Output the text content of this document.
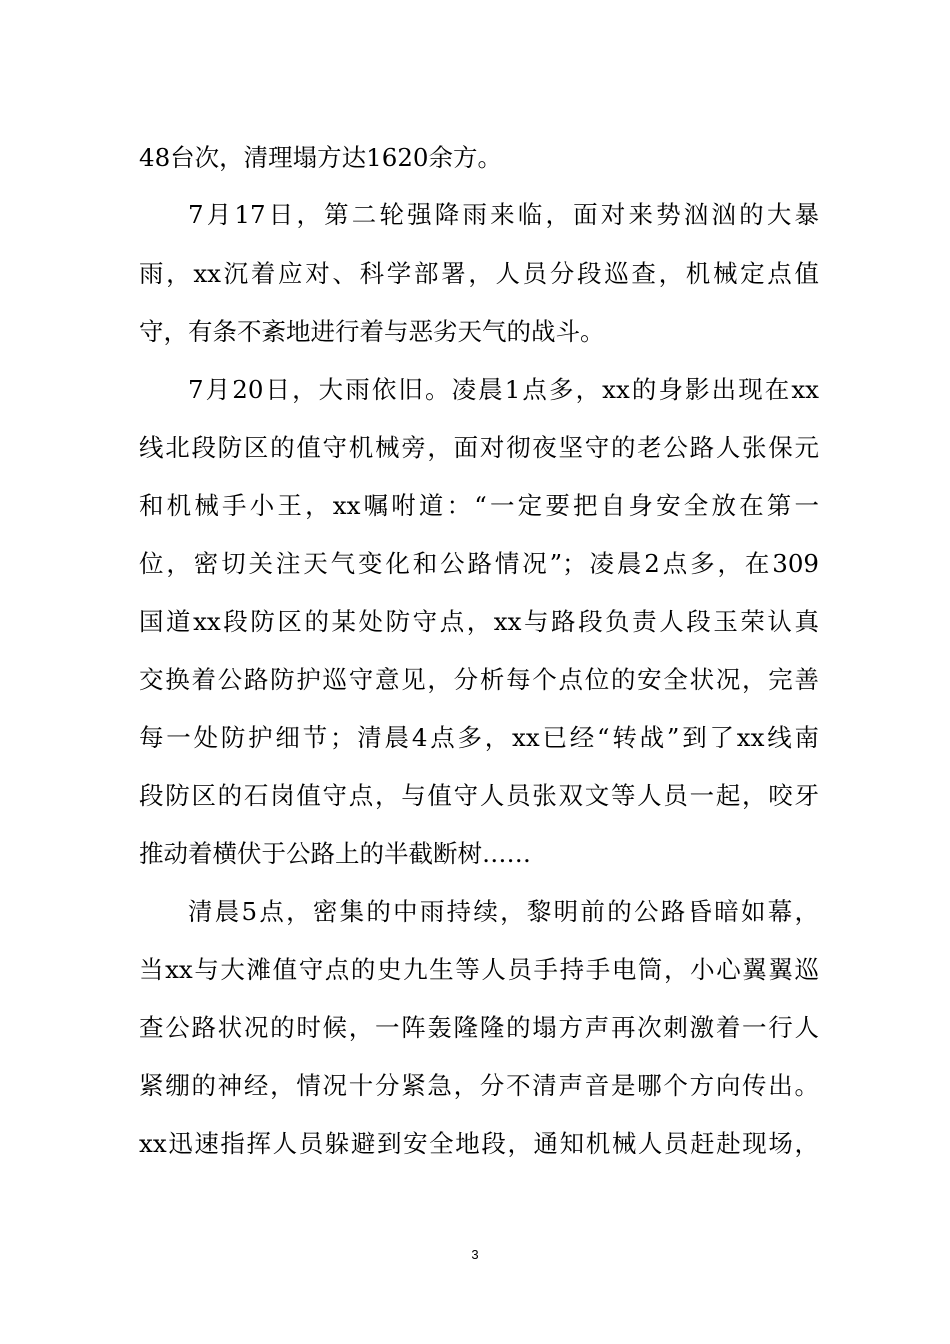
48台次，清理塌方达1620余方。
7月17日，第二轮强降雨来临，面对来势汹汹的大暴
雨，xx沉着应对、科学部署，人员分段巡查，机械定点值
守，有条不紊地进行着与恶劣天气的战斗。
7月20日，大雨依旧。凌晨1点多，xx的身影出现在xx
线北段防区的值守机械旁，面对彻夜坚守的老公路人张保元
和机械手小王，xx嘱咐道：“一定要把自身安全放在第一
位，密切关注天气变化和公路情况”；凌晨2点多，在309
国道xx段防区的某处防守点，xx与路段负责人段玉荣认真
交换着公路防护巡守意见，分析每个点位的安全状况，完善
每一处防护细节；清晨4点多，xx已经“转战”到了xx线南
段防区的石岗值守点，与值守人员张双文等人员一起，咬牙
推动着横伏于公路上的半截断树……
清晨5点，密集的中雨持续，黎明前的公路昏暗如幕，
当xx与大滩值守点的史九生等人员手持手电筒，小心翼翼巡
查公路状况的时候，一阵轰隆隆的塌方声再次刺激着一行人
紧绷的神经，情况十分紧急，分不清声音是哪个方向传出。
xx迅速指挥人员躲避到安全地段，通知机械人员赶赴现场，
3
